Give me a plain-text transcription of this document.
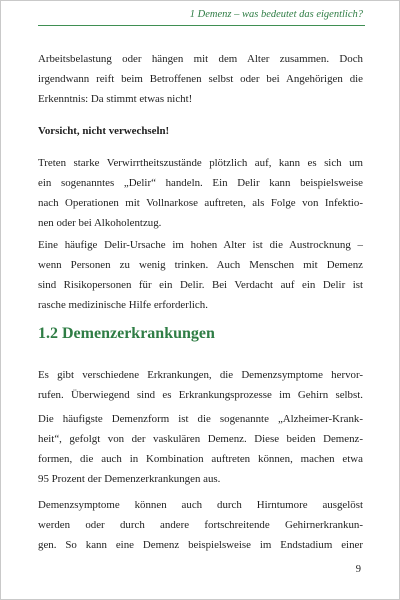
1 Demenz – was bedeutet das eigentlich?

Arbeitsbelastung oder hängen mit dem Alter zusammen. Doch
irgendwann reift beim Betroffenen selbst oder bei Angehörigen die
Erkenntnis: Da stimmt etwas nicht!

Vorsicht, nicht verwechseln!

Treten starke Verwirrtheitszustände plötzlich auf, kann es sich um
ein sogenanntes „Delir“ handeln. Ein Delir kann beispielsweise
nach Operationen mit Vollnarkose auftreten, als Folge von Infektio-
nen oder bei Alkoholentzug.

Eine häufige Delir-Ursache im hohen Alter ist die Austrocknung –
wenn Personen zu wenig trinken. Auch Menschen mit Demenz
sind Risikopersonen für ein Delir. Bei Verdacht auf ein Delir ist
rasche medizinische Hilfe erforderlich.

1.2 Demenzerkrankungen

Es gibt verschiedene Erkrankungen, die Demenzsymptome hervor-
rufen. Überwiegend sind es Erkrankungsprozesse im Gehirn selbst.

Die häufigste Demenzform ist die sogenannte „Alzheimer-Krank-
heit“, gefolgt von der vaskulären Demenz. Diese beiden Demenz-
formen, die auch in Kombination auftreten können, machen etwa
95 Prozent der Demenzerkrankungen aus.

Demenzsymptome können auch durch Hirntumore ausgelöst
werden oder durch andere fortschreitende Gehirnerkrankun-
gen. So kann eine Demenz beispielsweise im Endstadium einer

9
